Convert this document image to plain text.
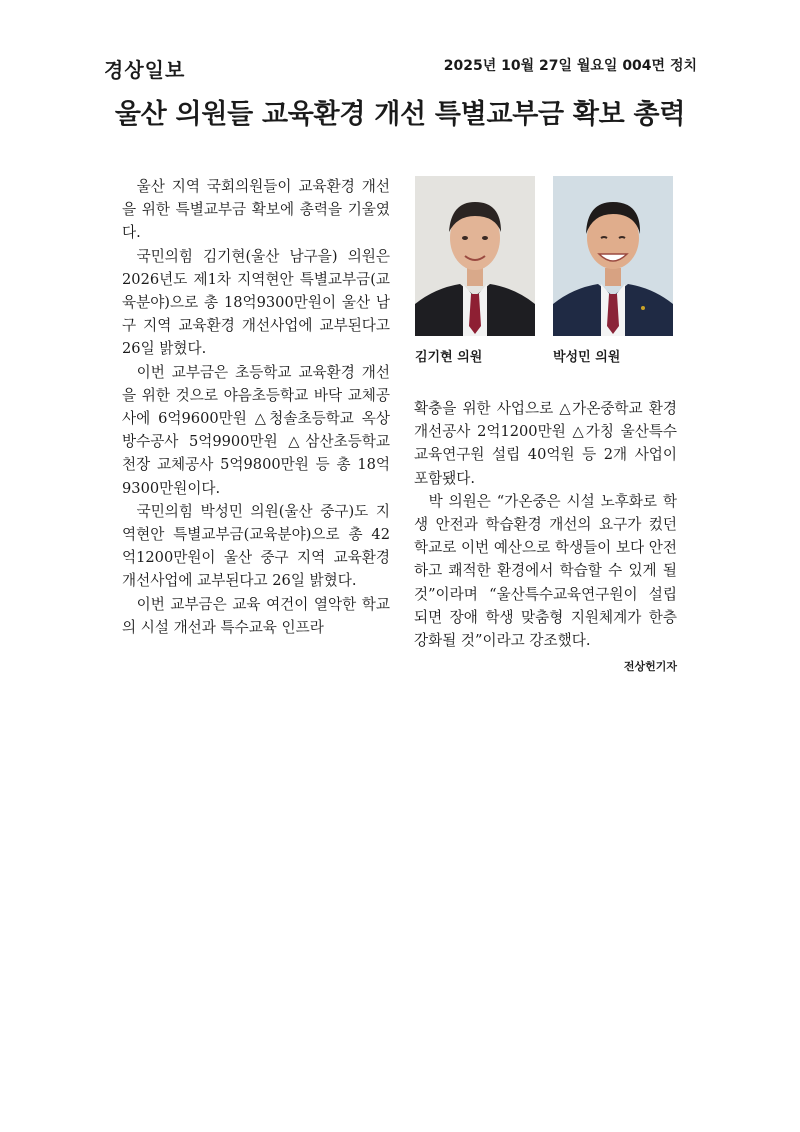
경상일보	2025년 10월 27일 월요일 004면 정치
울산 의원들 교육환경 개선 특별교부금 확보 총력

울산 지역 국회의원들이 교육환경 개선을 위한 특별교부금 확보에 총력을 기울였다.

국민의힘 김기현(울산 남구을) 의원은 2026년도 제1차 지역현안 특별교부금(교육분야)으로 총 18억9300만원이 울산 남구 지역 교육환경 개선사업에 교부된다고 26일 밝혔다.

이번 교부금은 초등학교 교육환경 개선을 위한 것으로 야음초등학교 바닥 교체공사에 6억9600만원 △청솔초등학교 옥상 방수공사 5억9900만원 △삼산초등학교 천장 교체공사 5억9800만원 등 총 18억9300만원이다.

국민의힘 박성민 의원(울산 중구)도 지역현안 특별교부금(교육분야)으로 총 42억1200만원이 울산 중구 지역 교육환경 개선사업에 교부된다고 26일 밝혔다.

이번 교부금은 교육 여건이 열악한 학교의 시설 개선과 특수교육 인프라

김기현 의원	박성민 의원

확충을 위한 사업으로 △가온중학교 환경개선공사 2억1200만원 △가칭 울산특수교육연구원 설립 40억원 등 2개 사업이 포함됐다.

박 의원은 “가온중은 시설 노후화로 학생 안전과 학습환경 개선의 요구가 컸던 학교로 이번 예산으로 학생들이 보다 안전하고 쾌적한 환경에서 학습할 수 있게 될 것”이라며 “울산특수교육연구원이 설립되면 장애 학생 맞춤형 지원체계가 한층 강화될 것”이라고 강조했다.

전상헌기자
